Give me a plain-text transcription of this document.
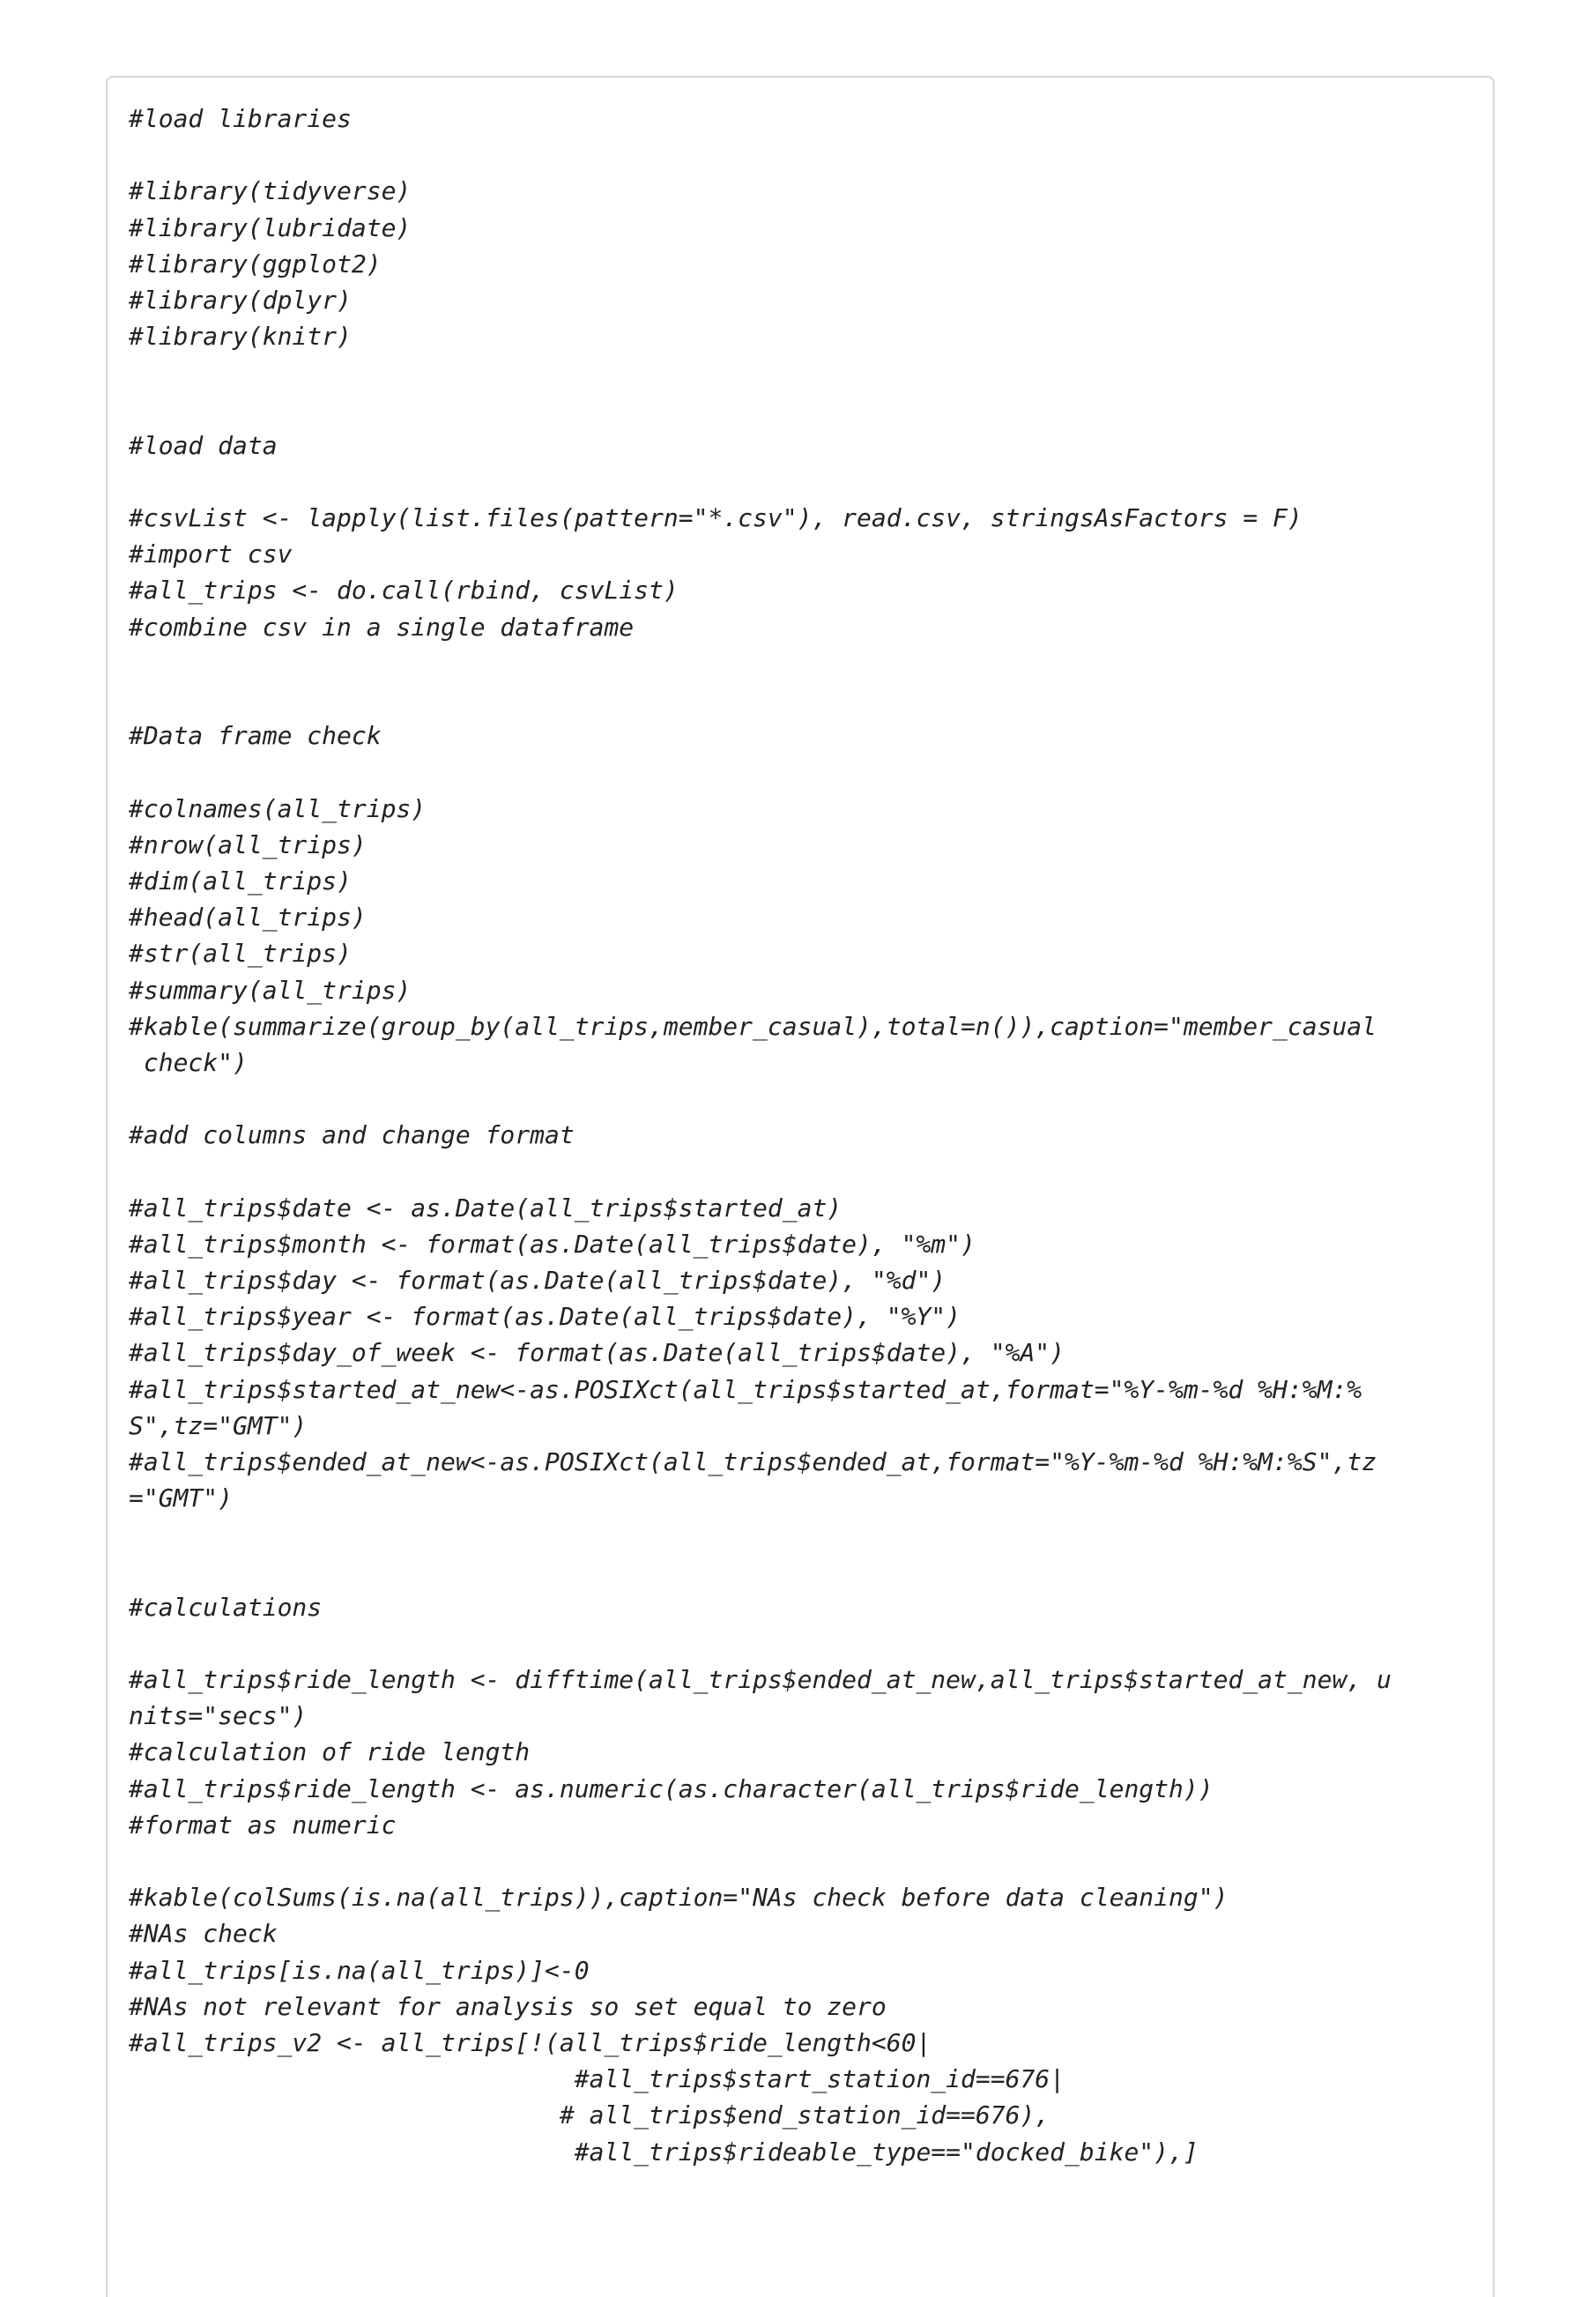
#load libraries
#library(tidyverse)
#library(lubridate)
#library(ggplot2)
#library(dplyr)
#library(knitr)
#load data
#csvList <- lapply(list.files(pattern="*.csv"), read.csv, stringsAsFactors = F)
#import csv
#all_trips <- do.call(rbind, csvList)
#combine csv in a single dataframe
#Data frame check
#colnames(all_trips)
#nrow(all_trips)
#dim(all_trips)
#head(all_trips)
#str(all_trips)
#summary(all_trips)
#kable(summarize(group_by(all_trips,member_casual),total=n()),caption="member_casual
check")
#add columns and change format
#all_trips$date <- as.Date(all_trips$started_at)
#all_trips$month <- format(as.Date(all_trips$date), "%m")
#all_trips$day <- format(as.Date(all_trips$date), "%d")
#all_trips$year <- format(as.Date(all_trips$date), "%Y")
#all_trips$day_of_week <- format(as.Date(all_trips$date), "%A")
#all_trips$started_at_new<-as.POSIXct(all_trips$started_at,format="%Y-%m-%d %H:%M:%
S",tz="GMT")
#all_trips$ended_at_new<-as.POSIXct(all_trips$ended_at,format="%Y-%m-%d %H:%M:%S",tz
="GMT")
#calculations
#all_trips$ride_length <- difftime(all_trips$ended_at_new,all_trips$started_at_new, u
nits="secs")
#calculation of ride length
#all_trips$ride_length <- as.numeric(as.character(all_trips$ride_length))
#format as numeric
#kable(colSums(is.na(all_trips)),caption="NAs check before data cleaning")
#NAs check
#all_trips[is.na(all_trips)]<-0
#NAs not relevant for analysis so set equal to zero
#all_trips_v2 <- all_trips[!(all_trips$ride_length<60|
#all_trips$start_station_id==676|
# all_trips$end_station_id==676),
#all_trips$rideable_type=="docked_bike"),]
